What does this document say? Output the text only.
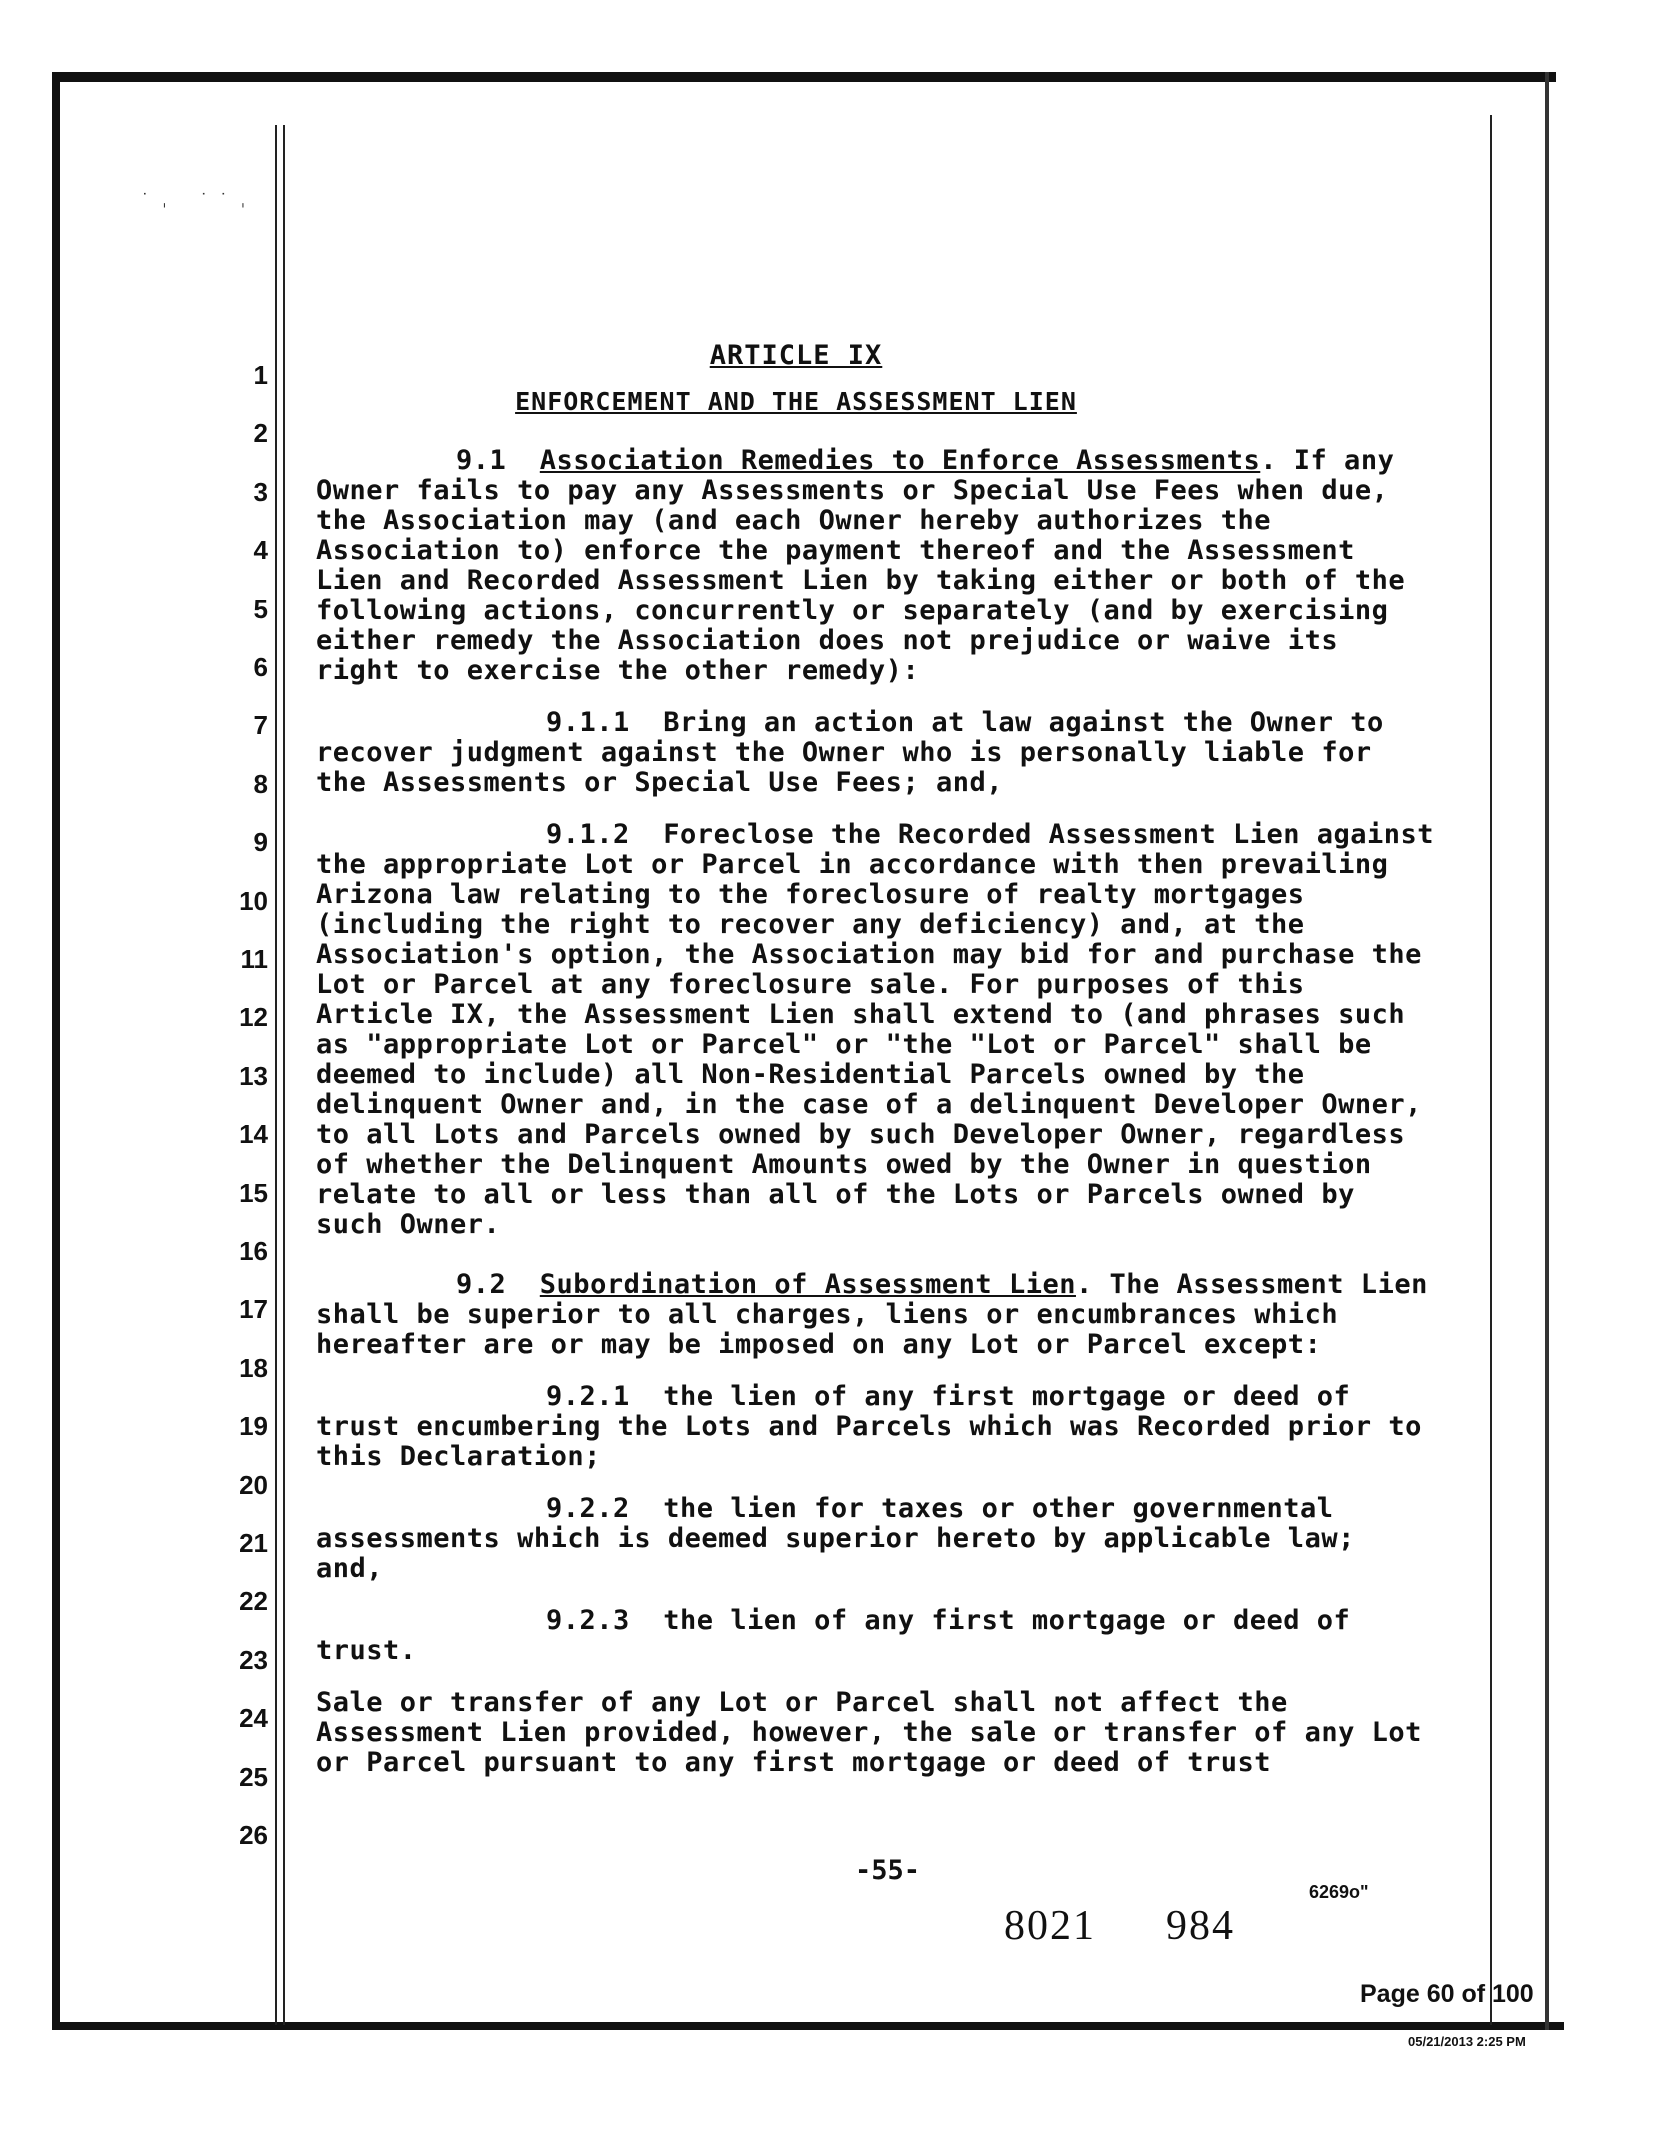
˙ˌ ˙˙ˌ
1
2
3
4
5
6
7
8
9
10
11
12
13
14
15
16
17
18
19
20
21
22
23
24
25
26
ARTICLE IX
ENFORCEMENT AND THE ASSESSMENT LIEN

9.1 Association Remedies to Enforce Assessments. If any Owner fails to pay any Assessments or Special Use Fees when due, the Association may (and each Owner hereby authorizes the Association to) enforce the payment thereof and the Assessment Lien and Recorded Assessment Lien by taking either or both of the following actions, concurrently or separately (and by exercising either remedy the Association does not prejudice or waive its right to exercise the other remedy):

9.1.1 Bring an action at law against the Owner to recover judgment against the Owner who is personally liable for the Assessments or Special Use Fees; and,

9.1.2 Foreclose the Recorded Assessment Lien against the appropriate Lot or Parcel in accordance with then prevailing Arizona law relating to the foreclosure of realty mortgages (including the right to recover any deficiency) and, at the Association's option, the Association may bid for and purchase the Lot or Parcel at any foreclosure sale. For purposes of this Article IX, the Assessment Lien shall extend to (and phrases such as "appropriate Lot or Parcel" or "the "Lot or Parcel" shall be deemed to include) all Non-Residential Parcels owned by the delinquent Owner and, in the case of a delinquent Developer Owner, to all Lots and Parcels owned by such Developer Owner, regardless of whether the Delinquent Amounts owed by the Owner in question relate to all or less than all of the Lots or Parcels owned by such Owner.

9.2 Subordination of Assessment Lien. The Assessment Lien shall be superior to all charges, liens or encumbrances which hereafter are or may be imposed on any Lot or Parcel except:

9.2.1 the lien of any first mortgage or deed of trust encumbering the Lots and Parcels which was Recorded prior to this Declaration;

9.2.2 the lien for taxes or other governmental assessments which is deemed superior hereto by applicable law; and,

9.2.3 the lien of any first mortgage or deed of trust.

Sale or transfer of any Lot or Parcel shall not affect the Assessment Lien provided, however, the sale or transfer of any Lot or Parcel pursuant to any first mortgage or deed of trust

-55-
6269o"
8021 984
Page 60 of 100
05/21/2013 2:25 PM
